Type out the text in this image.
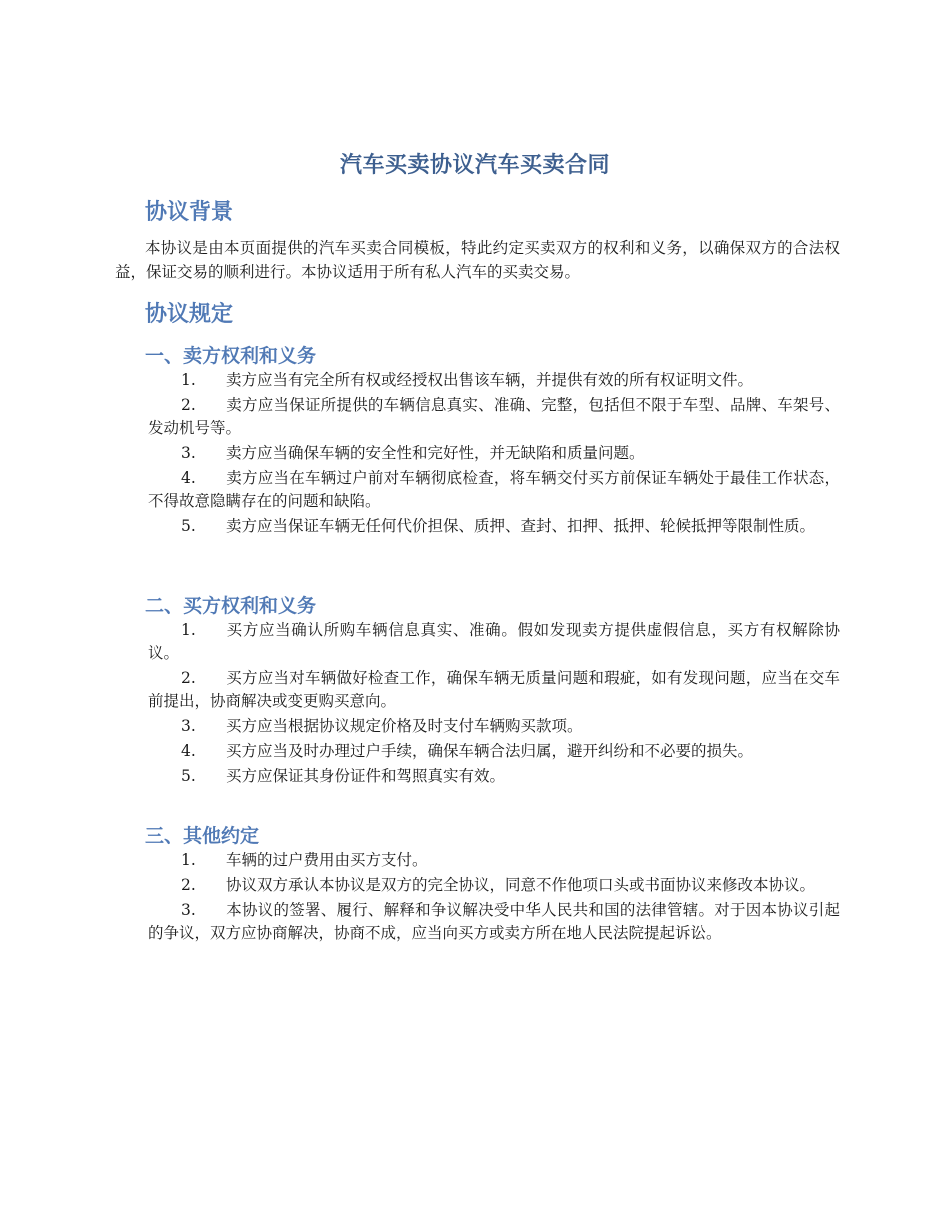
汽车买卖协议汽车买卖合同
协议背景
本协议是由本页面提供的汽车买卖合同模板，特此约定买卖双方的权利和义务，以确保双方的合法权益，保证交易的顺利进行。本协议适用于所有私人汽车的买卖交易。
协议规定
一、卖方权利和义务
1. 卖方应当有完全所有权或经授权出售该车辆，并提供有效的所有权证明文件。
2. 卖方应当保证所提供的车辆信息真实、准确、完整，包括但不限于车型、品牌、车架号、发动机号等。
3. 卖方应当确保车辆的安全性和完好性，并无缺陷和质量问题。
4. 卖方应当在车辆过户前对车辆彻底检查，将车辆交付买方前保证车辆处于最佳工作状态，不得故意隐瞒存在的问题和缺陷。
5. 卖方应当保证车辆无任何代价担保、质押、查封、扣押、抵押、轮候抵押等限制性质。
二、买方权利和义务
1. 买方应当确认所购车辆信息真实、准确。假如发现卖方提供虚假信息，买方有权解除协议。
2. 买方应当对车辆做好检查工作，确保车辆无质量问题和瑕疵，如有发现问题，应当在交车前提出，协商解决或变更购买意向。
3. 买方应当根据协议规定价格及时支付车辆购买款项。
4. 买方应当及时办理过户手续，确保车辆合法归属，避开纠纷和不必要的损失。
5. 买方应保证其身份证件和驾照真实有效。
三、其他约定
1. 车辆的过户费用由买方支付。
2. 协议双方承认本协议是双方的完全协议，同意不作他项口头或书面协议来修改本协议。
3. 本协议的签署、履行、解释和争议解决受中华人民共和国的法律管辖。对于因本协议引起的争议，双方应协商解决，协商不成，应当向买方或卖方所在地人民法院提起诉讼。
